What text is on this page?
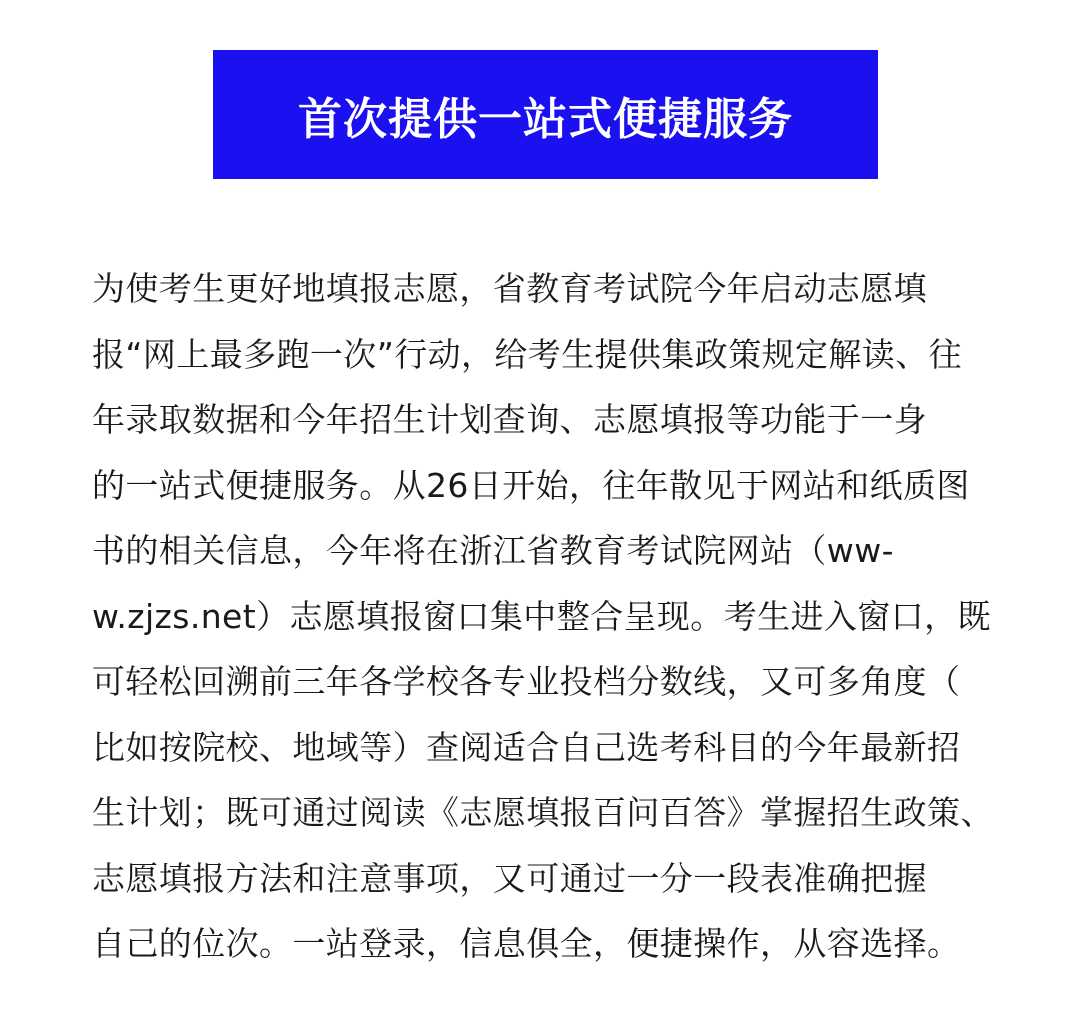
首次提供一站式便捷服务
为使考生更好地填报志愿，省教育考试院今年启动志愿填
报“网上最多跑一次”行动，给考生提供集政策规定解读、往
年录取数据和今年招生计划查询、志愿填报等功能于一身
的一站式便捷服务。从26日开始，往年散见于网站和纸质图
书的相关信息，今年将在浙江省教育考试院网站（ww-
w.zjzs.net）志愿填报窗口集中整合呈现。考生进入窗口，既
可轻松回溯前三年各学校各专业投档分数线，又可多角度（
比如按院校、地域等）查阅适合自己选考科目的今年最新招
生计划；既可通过阅读《志愿填报百问百答》掌握招生政策、
志愿填报方法和注意事项，又可通过一分一段表准确把握
自己的位次。一站登录，信息俱全，便捷操作，从容选择。
